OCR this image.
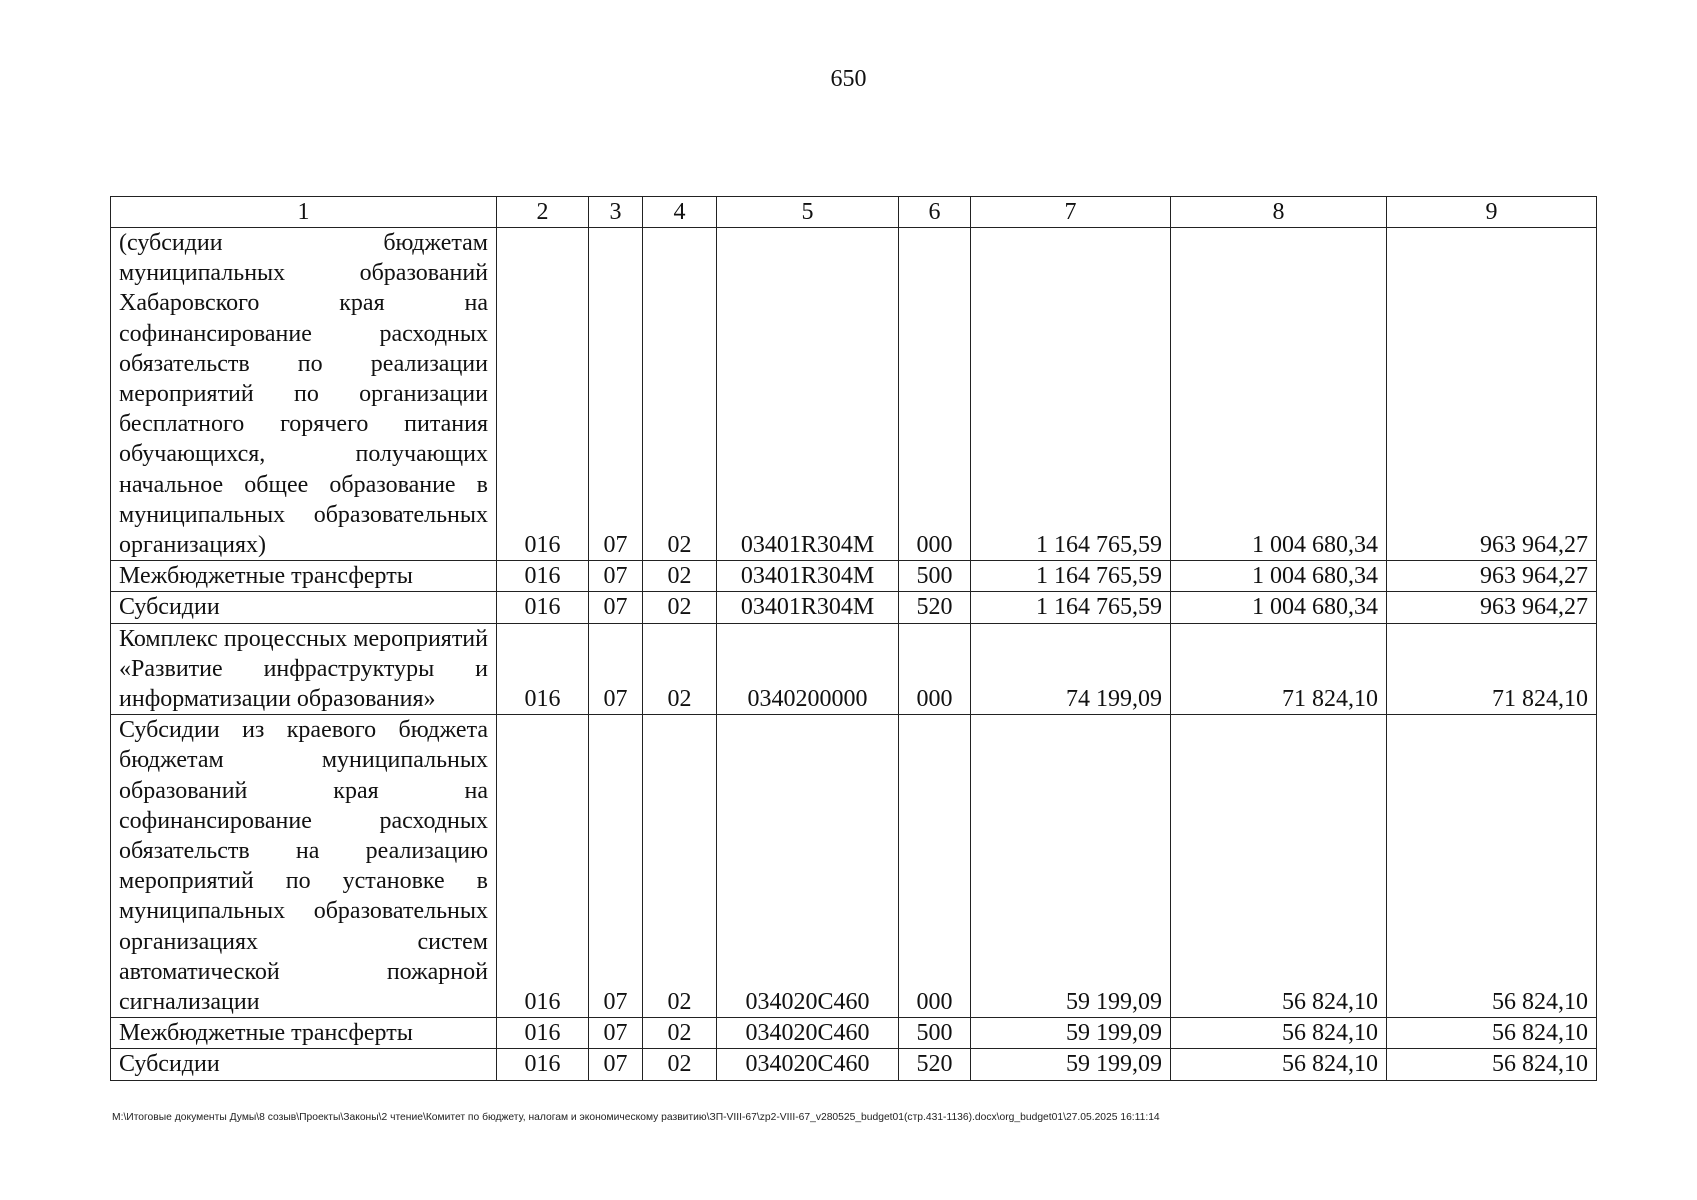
650
1	2	3	4	5	6	7	8	9
(субсидии бюджетам муниципальных образований Хабаровского края на софинансирование расходных обязательств по реализации мероприятий по организации бесплатного горячего питания обучающихся, получающих начальное общее образование в муниципальных образовательных организациях)	016	07	02	03401R304M	000	1 164 765,59	1 004 680,34	963 964,27
Межбюджетные трансферты	016	07	02	03401R304M	500	1 164 765,59	1 004 680,34	963 964,27
Субсидии	016	07	02	03401R304M	520	1 164 765,59	1 004 680,34	963 964,27
Комплекс процессных мероприятий «Развитие инфраструктуры и информатизации образования»	016	07	02	0340200000	000	74 199,09	71 824,10	71 824,10
Субсидии из краевого бюджета бюджетам муниципальных образований края на софинансирование расходных обязательств на реализацию мероприятий по установке в муниципальных образовательных организациях систем автоматической пожарной сигнализации	016	07	02	034020С460	000	59 199,09	56 824,10	56 824,10
Межбюджетные трансферты	016	07	02	034020С460	500	59 199,09	56 824,10	56 824,10
Субсидии	016	07	02	034020С460	520	59 199,09	56 824,10	56 824,10
М:\Итоговые документы Думы\8 созыв\Проекты\Законы\2 чтение\Комитет по бюджету, налогам и экономическому развитию\ЗП-VIII-67\zp2-VIII-67_v280525_budget01(стр.431-1136).docx\org_budget01\27.05.2025 16:11:14
